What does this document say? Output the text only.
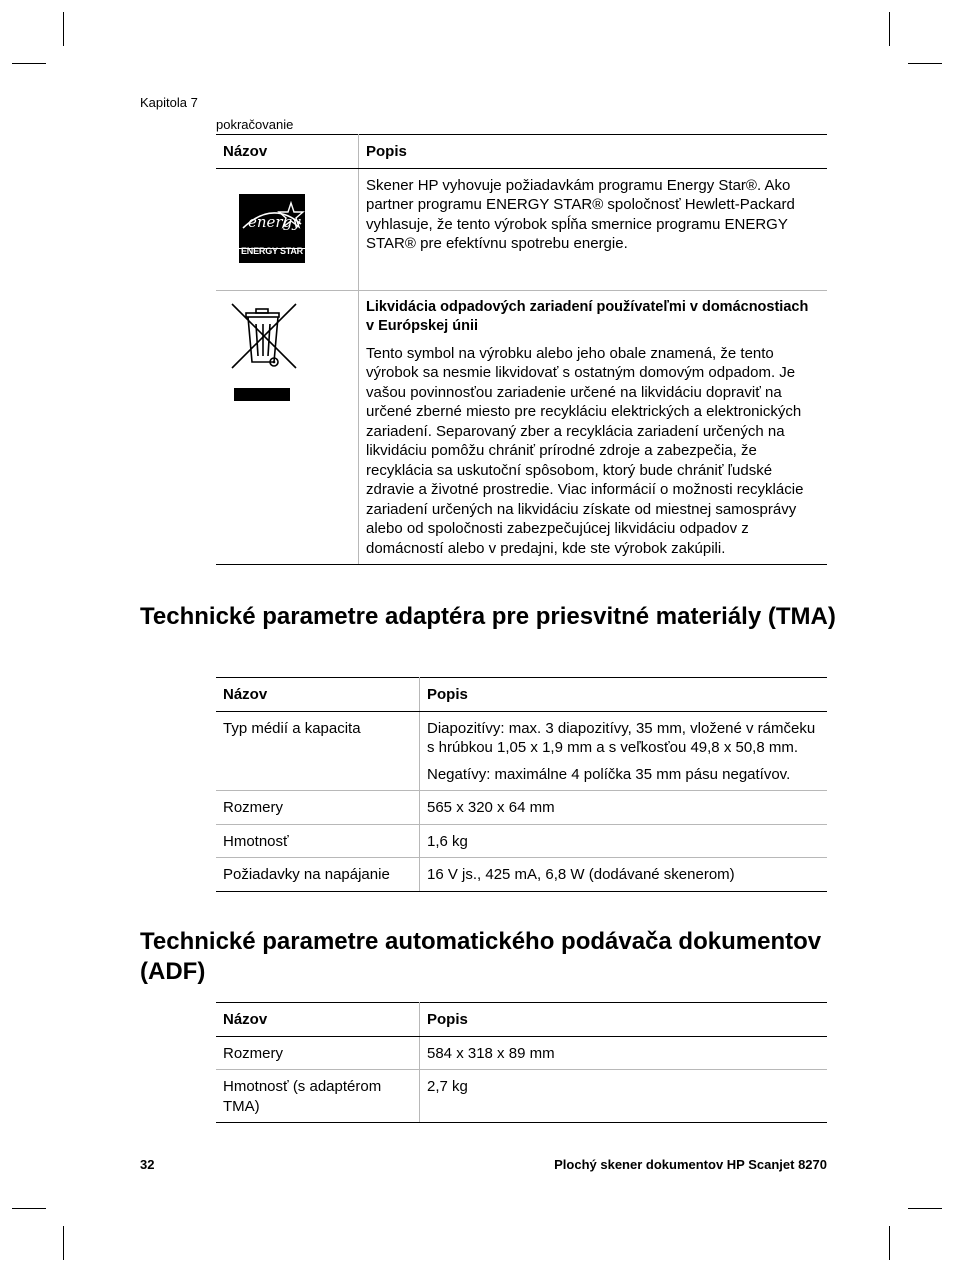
Kapitola 7
pokračovanie
Názov	Popis

energy
ENERGY STAR	Skener HP vyhovuje požiadavkám programu Energy Star®. Ako partner programu ENERGY STAR® spoločnosť Hewlett-Packard vyhlasuje, že tento výrobok spĺňa smernice programu ENERGY STAR® pre efektívnu spotrebu energie.

Likvidácia odpadových zariadení používateľmi v domácnostiach v Európskej únii

Tento symbol na výrobku alebo jeho obale znamená, že tento výrobok sa nesmie likvidovať s ostatným domovým odpadom. Je vašou povinnosťou zariadenie určené na likvidáciu dopraviť na určené zberné miesto pre recykláciu elektrických a elektronických zariadení. Separovaný zber a recyklácia zariadení určených na likvidáciu pomôžu chrániť prírodné zdroje a zabezpečia, že recyklácia sa uskutoční spôsobom, ktorý bude chrániť ľudské zdravie a životné prostredie. Viac informácií o možnosti recyklácie zariadení určených na likvidáciu získate od miestnej samosprávy alebo od spoločnosti zabezpečujúcej likvidáciu odpadov z domácností alebo v predajni, kde ste výrobok zakúpili.

Technické parametre adaptéra pre priesvitné materiály (TMA)
Názov	Popis
Typ médií a kapacita	Diapozitívy: max. 3 diapozitívy, 35 mm, vložené v rámčeku s hrúbkou 1,05 x 1,9 mm a s veľkosťou 49,8 x 50,8 mm.

Negatívy: maximálne 4 políčka 35 mm pásu negatívov.

Rozmery	565 x 320 x 64 mm
Hmotnosť	1,6 kg
Požiadavky na napájanie	16 V js., 425 mA, 6,8 W (dodávané skenerom)
Technické parametre automatického podávača dokumentov (ADF)
Názov	Popis
Rozmery	584 x 318 x 89 mm
Hmotnosť (s adaptérom TMA)	2,7 kg
32	Plochý skener dokumentov HP Scanjet 8270
